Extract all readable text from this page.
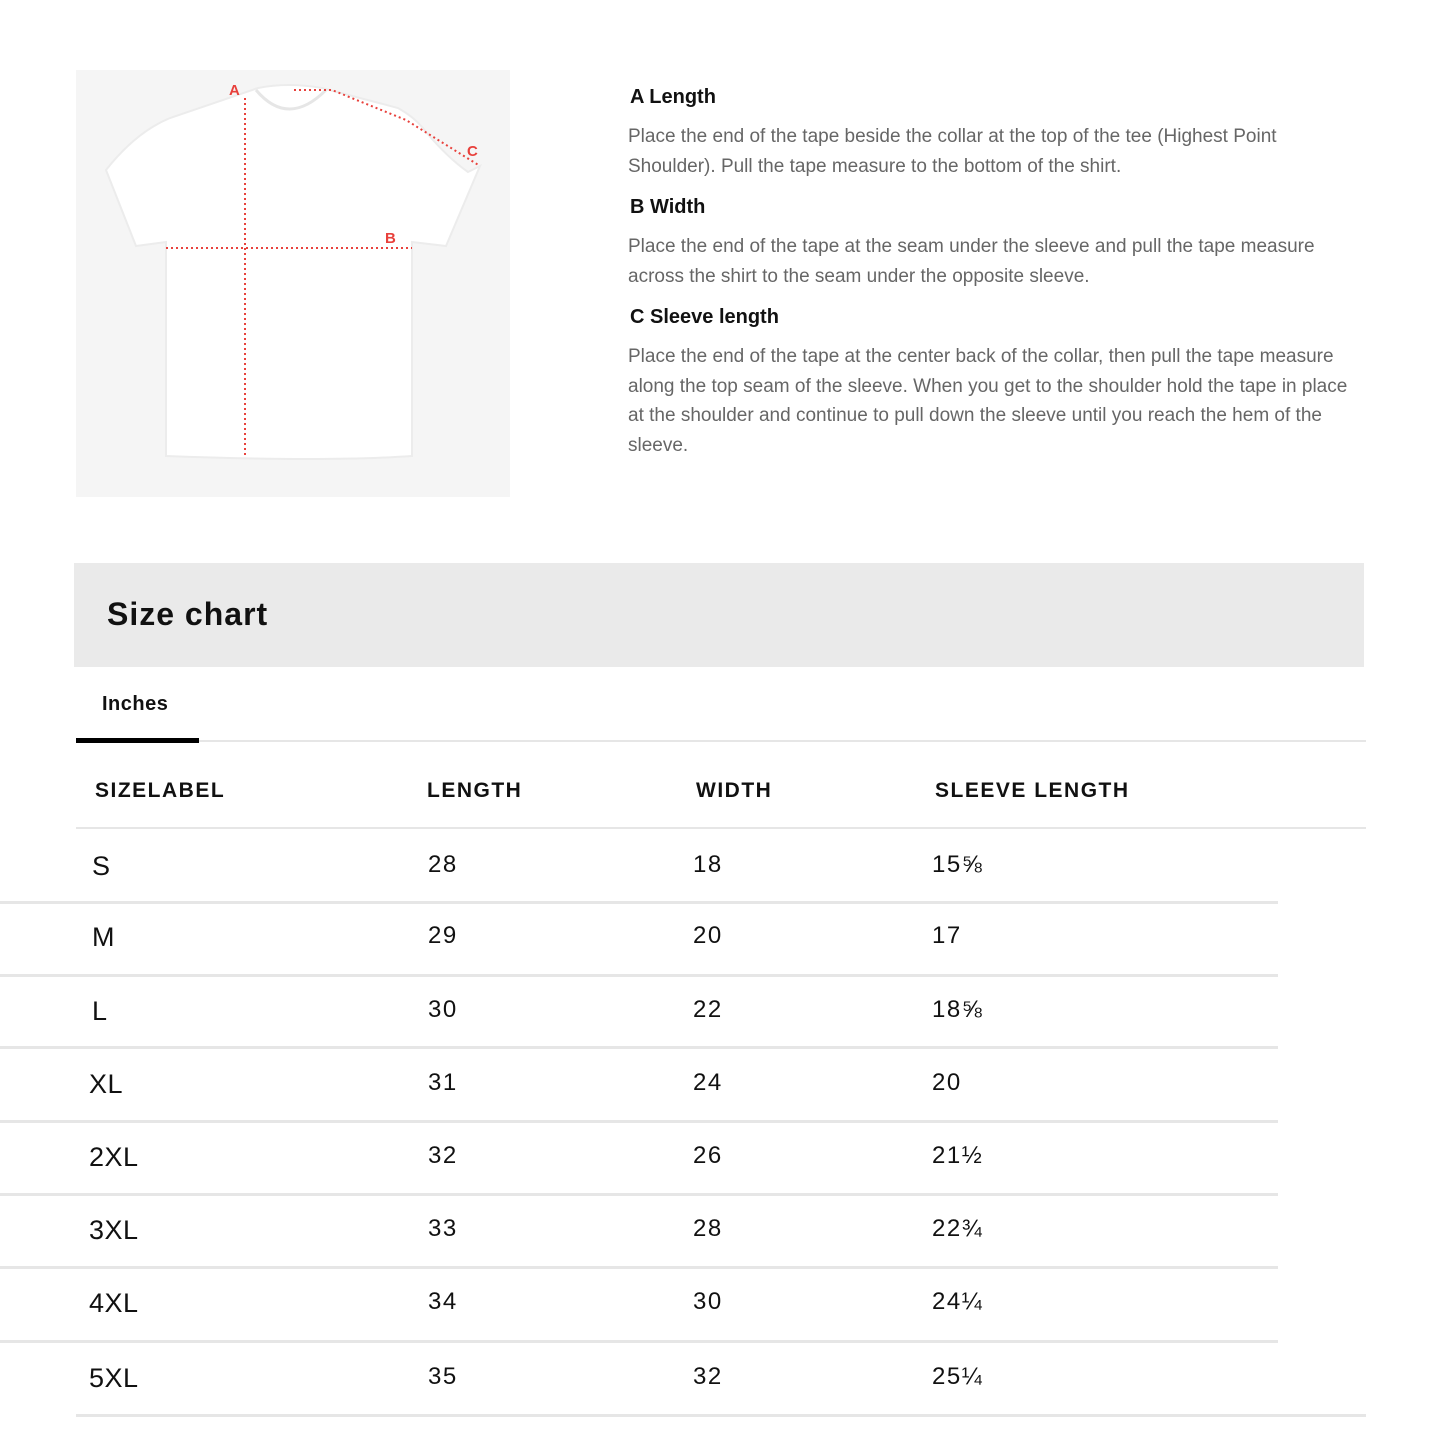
A
B
C
A Length
Place the end of the tape beside the collar at the top of the tee (Highest Point Shoulder). Pull the tape measure to the bottom of the shirt.
B Width
Place the end of the tape at the seam under the sleeve and pull the tape measure across the shirt to the seam under the opposite sleeve.
C Sleeve length
Place the end of the tape at the center back of the collar, then pull the tape measure along the top seam of the sleeve. When you get to the shoulder hold the tape in place at the shoulder and continue to pull down the sleeve until you reach the hem of the sleeve.
Size chart
Inches
SIZELABEL	LENGTH	WIDTH	SLEEVE LENGTH
S	28	18	15⅝
M	29	20	17
L	30	22	18⅝
XL	31	24	20
2XL	32	26	21½
3XL	33	28	22¾
4XL	34	30	24¼
5XL	35	32	25¼
